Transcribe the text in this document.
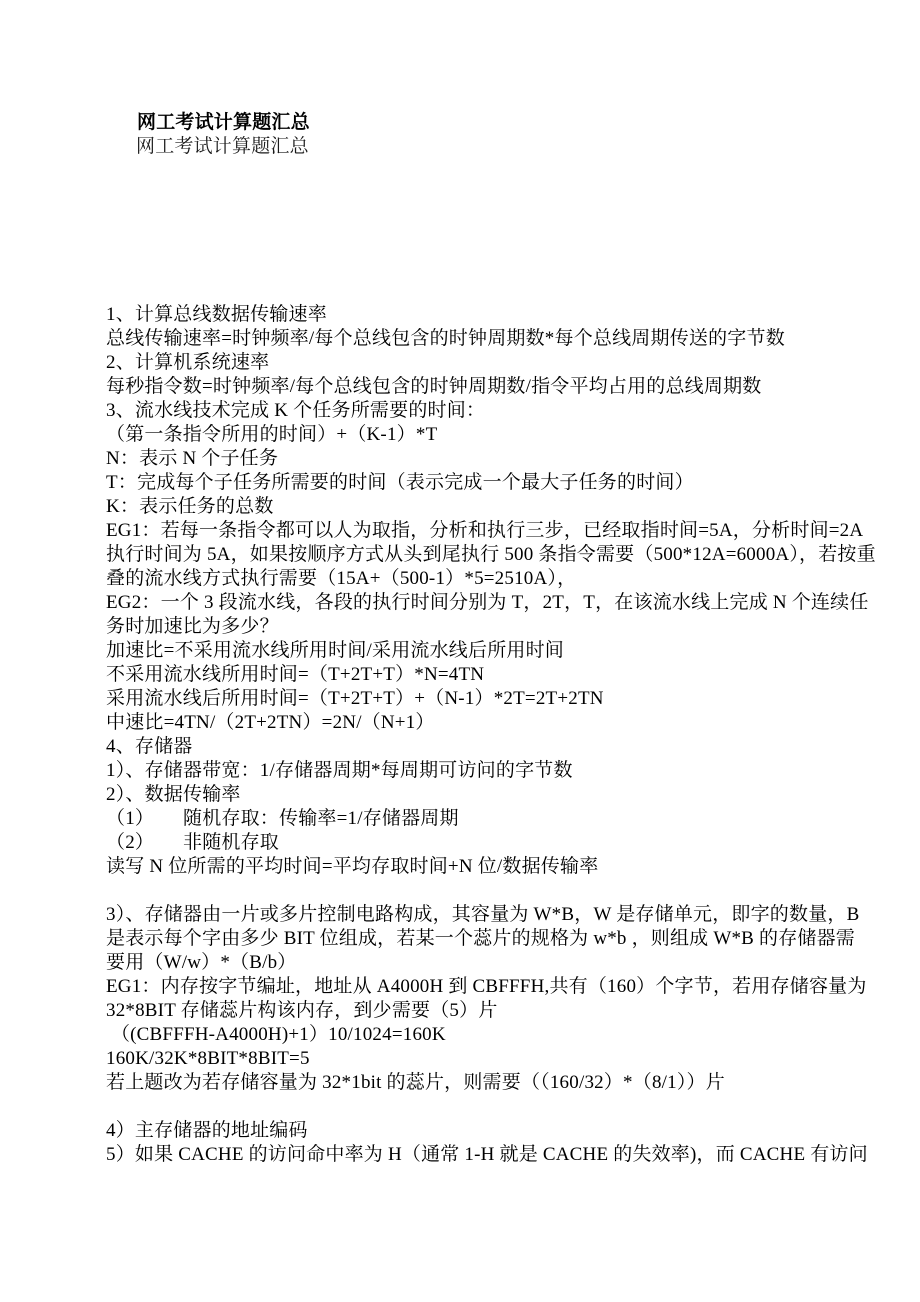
网工考试计算题汇总
网工考试计算题汇总
1、计算总线数据传输速率
总线传输速率=时钟频率/每个总线包含的时钟周期数*每个总线周期传送的字节数
2、计算机系统速率
每秒指令数=时钟频率/每个总线包含的时钟周期数/指令平均占用的总线周期数
3、流水线技术完成 K 个任务所需要的时间：
（第一条指令所用的时间）+（K-1）*T
N：表示 N 个子任务
T：完成每个子任务所需要的时间（表示完成一个最大子任务的时间）
K：表示任务的总数
EG1：若每一条指令都可以人为取指，分析和执行三步，已经取指时间=5A，分析时间=2A
执行时间为 5A，如果按顺序方式从头到尾执行 500 条指令需要（500*12A=6000A），若按重
叠的流水线方式执行需要（15A+（500-1）*5=2510A），
EG2：一个 3 段流水线，各段的执行时间分别为 T，2T，T，在该流水线上完成 N 个连续任
务时加速比为多少？
加速比=不采用流水线所用时间/采用流水线后所用时间
不采用流水线所用时间=（T+2T+T）*N=4TN
采用流水线后所用时间=（T+2T+T）+（N-1）*2T=2T+2TN
中速比=4TN/（2T+2TN）=2N/（N+1）
4、存储器
1）、存储器带宽：1/存储器周期*每周期可访问的字节数
2）、数据传输率
（1）　　随机存取：传输率=1/存储器周期
（2）　　非随机存取
读写 N 位所需的平均时间=平均存取时间+N 位/数据传输率
3）、存储器由一片或多片控制电路构成，其容量为 W*B，W 是存储单元，即字的数量，B
是表示每个字由多少 BIT 位组成，若某一个蕊片的规格为 w*b ，则组成 W*B 的存储器需
要用（W/w）*（B/b）
EG1：内存按字节编址，地址从 A4000H 到 CBFFFH,共有（160）个字节，若用存储容量为
32*8BIT 存储蕊片构该内存，到少需要（5）片
（(CBFFFH-A4000H)+1）10/1024=160K
160K/32K*8BIT*8BIT=5
若上题改为若存储容量为 32*1bit 的蕊片，则需要（（160/32）*（8/1））片
4）主存储器的地址编码
5）如果 CACHE 的访问命中率为 H（通常 1-H 就是 CACHE 的失效率)，而 CACHE 有访问
